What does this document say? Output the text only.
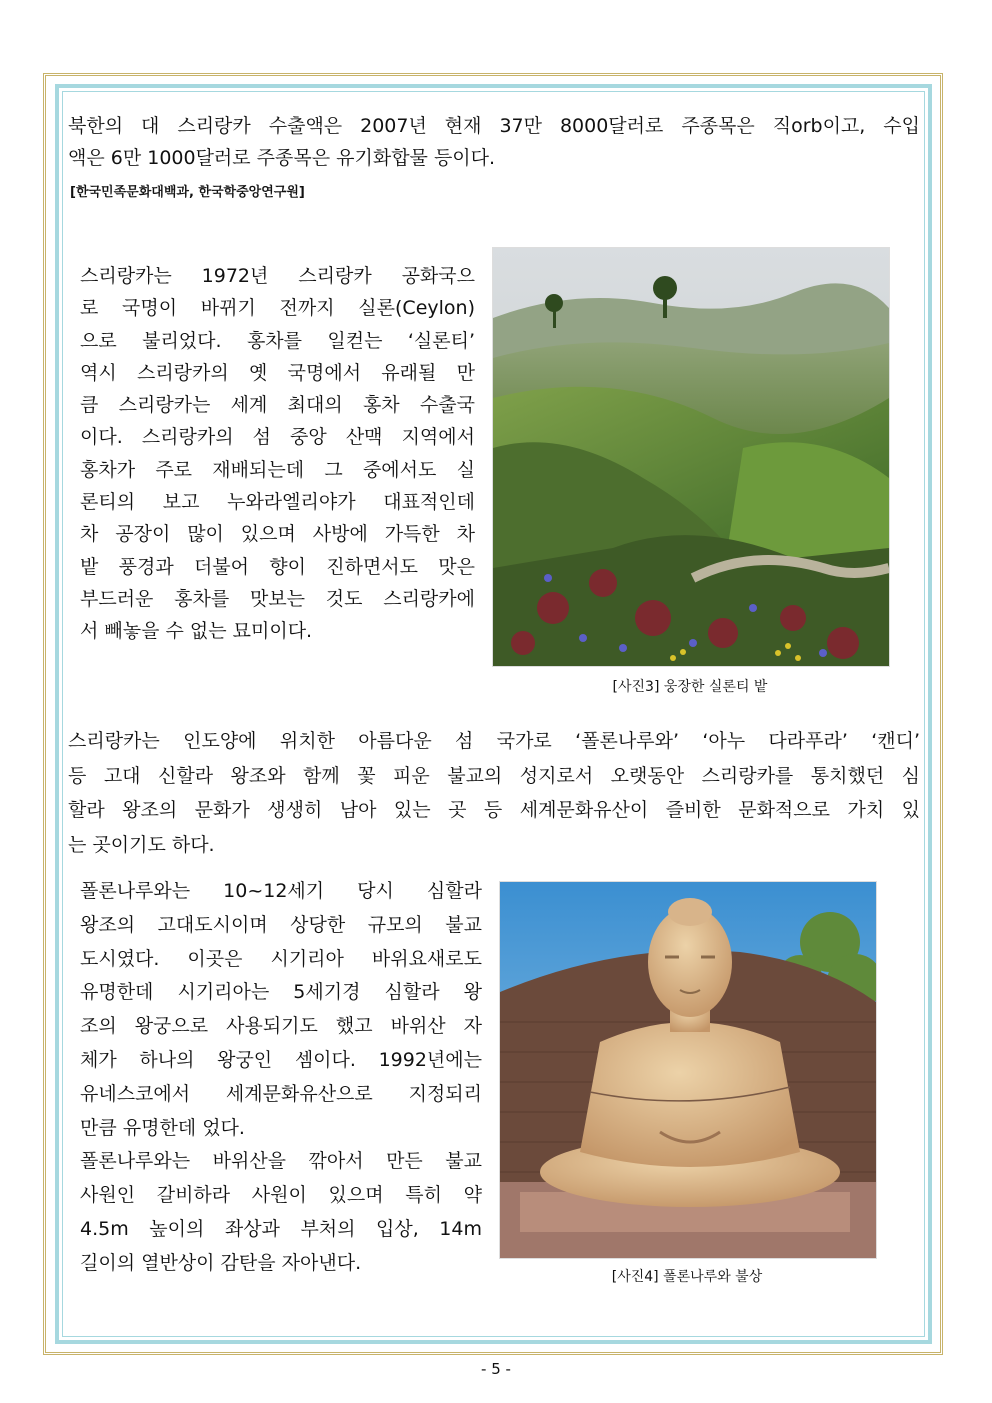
북한의 대 스리랑카 수출액은 2007년 현재 37만 8000달러로 주종목은 직orb이고, 수입
액은 6만 1000달러로 주종목은 유기화합물 등이다.
[한국민족문화대백과, 한국학중앙연구원]
스리랑카는 1972년 스리랑카 공화국으
로 국명이 바뀌기 전까지 실론(Ceylon)
으로 불리었다. 홍차를 일컫는 ‘실론티’
역시 스리랑카의 옛 국명에서 유래될 만
큼 스리랑카는 세계 최대의 홍차 수출국
이다. 스리랑카의 섬 중앙 산맥 지역에서
홍차가 주로 재배되는데 그 중에서도 실
론티의 보고 누와라엘리야가 대표적인데
차 공장이 많이 있으며 사방에 가득한 차
밭 풍경과 더불어 향이 진하면서도 맛은
부드러운 홍차를 맛보는 것도 스리랑카에
서 빼놓을 수 없는 묘미이다.
[사진3] 웅장한 실론티 밭
스리랑카는 인도양에 위치한 아름다운 섬 국가로 ‘폴론나루와’ ‘아누 다라푸라’ ‘캔디’
등 고대 신할라 왕조와 함께 꽃 피운 불교의 성지로서 오랫동안 스리랑카를 통치했던 심
할라 왕조의 문화가 생생히 남아 있는 곳 등 세계문화유산이 즐비한 문화적으로 가치 있
는 곳이기도 하다.
폴론나루와는 10~12세기 당시 심할라
왕조의 고대도시이며 상당한 규모의 불교
도시였다. 이곳은 시기리아 바위요새로도
유명한데 시기리아는 5세기경 심할라 왕
조의 왕궁으로 사용되기도 했고 바위산 자
체가 하나의 왕궁인 셈이다. 1992년에는
유네스코에서 세계문화유산으로 지정되리
만큼 유명한데 었다.
폴론나루와는 바위산을 깎아서 만든 불교
사원인 갈비하라 사원이 있으며 특히 약
4.5m 높이의 좌상과 부처의 입상, 14m
길이의 열반상이 감탄을 자아낸다.
[사진4] 폴론나루와 불상
- 5 -
